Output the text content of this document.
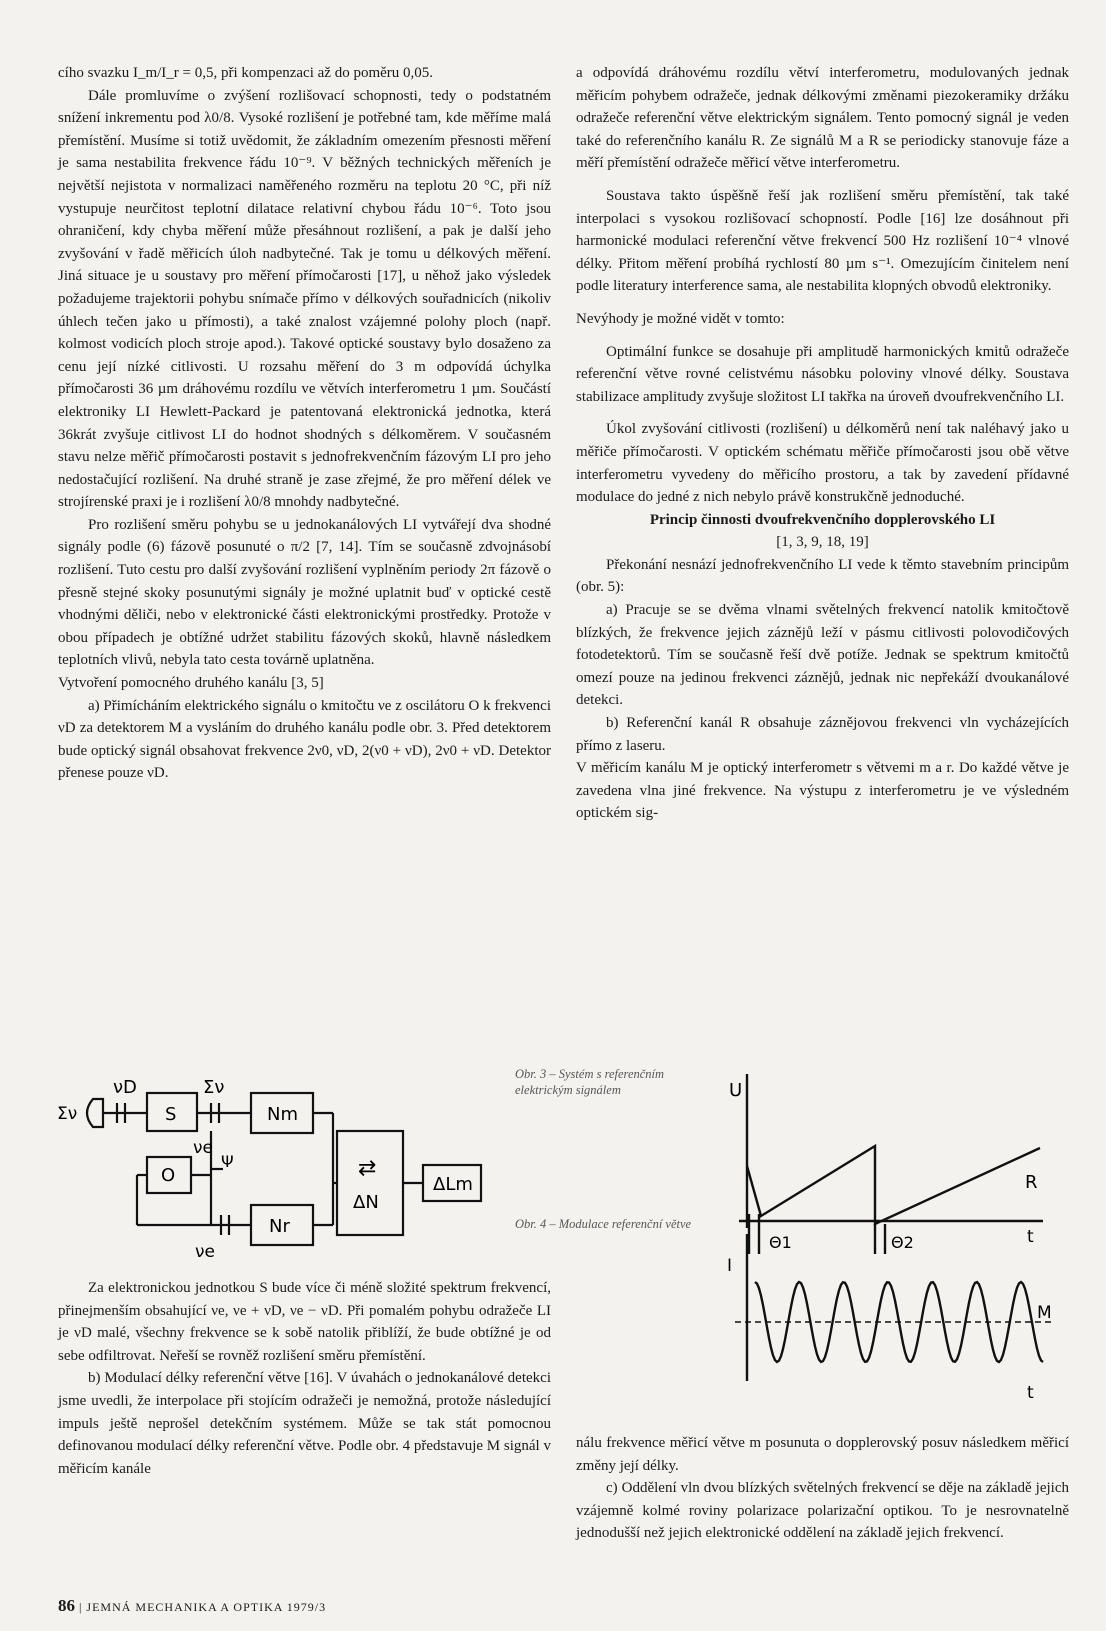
cího svazku I_m/I_r = 0,5, při kompenzaci až do poměru 0,05.

Dále promluvíme o zvýšení rozlišovací schopnosti, tedy o podstatném snížení inkrementu pod λ0/8. Vysoké rozlišení je potřebné tam, kde měříme malá přemístění. Musíme si totiž uvědomit, že základním omezením přesnosti měření je sama nestabilita frekvence řádu 10⁻⁹. V běžných technických měřeních je největší nejistota v normalizaci naměřeného rozměru na teplotu 20 °C, při níž vystupuje neurčitost teplotní dilatace relativní chybou řádu 10⁻⁶. Toto jsou ohraničení, kdy chyba měření může přesáhnout rozlišení, a pak je další jeho zvyšování v řadě měřicích úloh nadbytečné. Tak je tomu u délkových měření. Jiná situace je u soustavy pro měření přímočarosti [17], u něhož jako výsledek požadujeme trajektorii pohybu snímače přímo v délkových souřadnicích (nikoliv úhlech tečen jako u přímosti), a také znalost vzájemné polohy ploch (např. kolmost vodicích ploch stroje apod.). Takové optické soustavy bylo dosaženo za cenu její nízké citlivosti. U rozsahu měření do 3 m odpovídá úchylka přímočarosti 36 µm dráhovému rozdílu ve větvích interferometru 1 µm. Součástí elektroniky LI Hewlett-Packard je patentovaná elektronická jednotka, která 36krát zvyšuje citlivost LI do hodnot shodných s délkoměrem. V současném stavu nelze měřič přímočarosti postavit s jednofrekvenčním fázovým LI pro jeho nedostačující rozlišení. Na druhé straně je zase zřejmé, že pro měření délek ve strojírenské praxi je i rozlišení λ0/8 mnohdy nadbytečné.

Pro rozlišení směru pohybu se u jednokanálových LI vytvářejí dva shodné signály podle (6) fázově posunuté o π/2 [7, 14]. Tím se současně zdvojnásobí rozlišení. Tuto cestu pro další zvyšování rozlišení vyplněním periody 2π fázově o přesně stejné skoky posunutými signály je možné uplatnit buď v optické cestě vhodnými děliči, nebo v elektronické části elektronickými prostředky. Protože v obou případech je obtížné udržet stabilitu fázových skoků, hlavně následkem teplotních vlivů, nebyla tato cesta továrně uplatněna.

Vytvoření pomocného druhého kanálu [3, 5]

a) Přimícháním elektrického signálu o kmitočtu νe z oscilátoru O k frekvenci νD za detektorem M a vysláním do druhého kanálu podle obr. 3. Před detektorem bude optický signál obsahovat frekvence 2ν0, νD, 2(ν0 + νD), 2ν0 + νD. Detektor přenese pouze νD.

a odpovídá dráhovému rozdílu větví interferometru, modulovaných jednak měřicím pohybem odražeče, jednak délkovými změnami piezokeramiky držáku odražeče referenční větve elektrickým signálem. Tento pomocný signál je veden také do referenčního kanálu R. Ze signálů M a R se periodicky stanovuje fáze a měří přemístění odražeče měřicí větve interferometru.

Soustava takto úspěšně řeší jak rozlišení směru přemístění, tak také interpolaci s vysokou rozlišovací schopností. Podle [16] lze dosáhnout při harmonické modulaci referenční větve frekvencí 500 Hz rozlišení 10⁻⁴ vlnové délky. Přitom měření probíhá rychlostí 80 µm s⁻¹. Omezujícím činitelem není podle literatury interference sama, ale nestabilita klopných obvodů elektroniky.

Nevýhody je možné vidět v tomto:

Optimální funkce se dosahuje při amplitudě harmonických kmitů odražeče referenční větve rovné celistvému násobku poloviny vlnové délky. Soustava stabilizace amplitudy zvyšuje složitost LI takřka na úroveň dvoufrekvenčního LI.

Úkol zvyšování citlivosti (rozlišení) u délkoměrů není tak naléhavý jako u měřiče přímočarosti. V optickém schématu měřiče přímočarosti jsou obě větve interferometru vyvedeny do měřicího prostoru, a tak by zavedení přídavné modulace do jedné z nich nebylo právě konstrukčně jednoduché.

Princip činnosti dvoufrekvenčního dopplerovského LI

[1, 3, 9, 18, 19]

Překonání nesnází jednofrekvenčního LI vede k těmto stavebním principům (obr. 5):

a) Pracuje se se dvěma vlnami světelných frekvencí natolik kmitočtově blízkých, že frekvence jejich záznějů leží v pásmu citlivosti polovodičových fotodetektorů. Tím se současně řeší dvě potíže. Jednak se spektrum kmitočtů omezí pouze na jedinou frekvenci záznějů, jednak nic nepřekáží dvoukanálové detekci.

b) Referenční kanál R obsahuje záznějovou frekvenci vln vycházejících přímo z laseru.

V měřicím kanálu M je optický interferometr s větvemi m a r. Do každé větve je zavedena vlna jiné frekvence. Na výstupu z interferometru je ve výsledném optickém sig-

Σν
νD	Σν
S
O
νe
Ψ
νe
Nm
Nr
⇄
ΔN
ΔLm
Obr. 3 – Systém s referenčním elektrickým signálem
Obr. 4 – Modulace referenční větve
U
R
t
Θ1	Θ2
I
M
t

Za elektronickou jednotkou S bude více či méně složité spektrum frekvencí, přinejmenším obsahující νe, νe + νD, νe − νD. Při pomalém pohybu odražeče LI je νD malé, všechny frekvence se k sobě natolik přiblíží, že bude obtížné je od sebe odfiltrovat. Neřeší se rovněž rozlišení směru přemístění.

b) Modulací délky referenční větve [16]. V úvahách o jednokanálové detekci jsme uvedli, že interpolace při stojícím odražeči je nemožná, protože následující impuls ještě neprošel detekčním systémem. Může se tak stát pomocnou definovanou modulací délky referenční větve. Podle obr. 4 představuje M signál v měřicím kanále

nálu frekvence měřicí větve m posunuta o dopplerovský posuv následkem měřicí změny její délky.

c) Oddělení vln dvou blízkých světelných frekvencí se děje na základě jejich vzájemně kolmé roviny polarizace polarizační optikou. To je nesrovnatelně jednodušší než jejich elektronické oddělení na základě jejich frekvencí.

86 | JEMNÁ MECHANIKA A OPTIKA 1979/3
